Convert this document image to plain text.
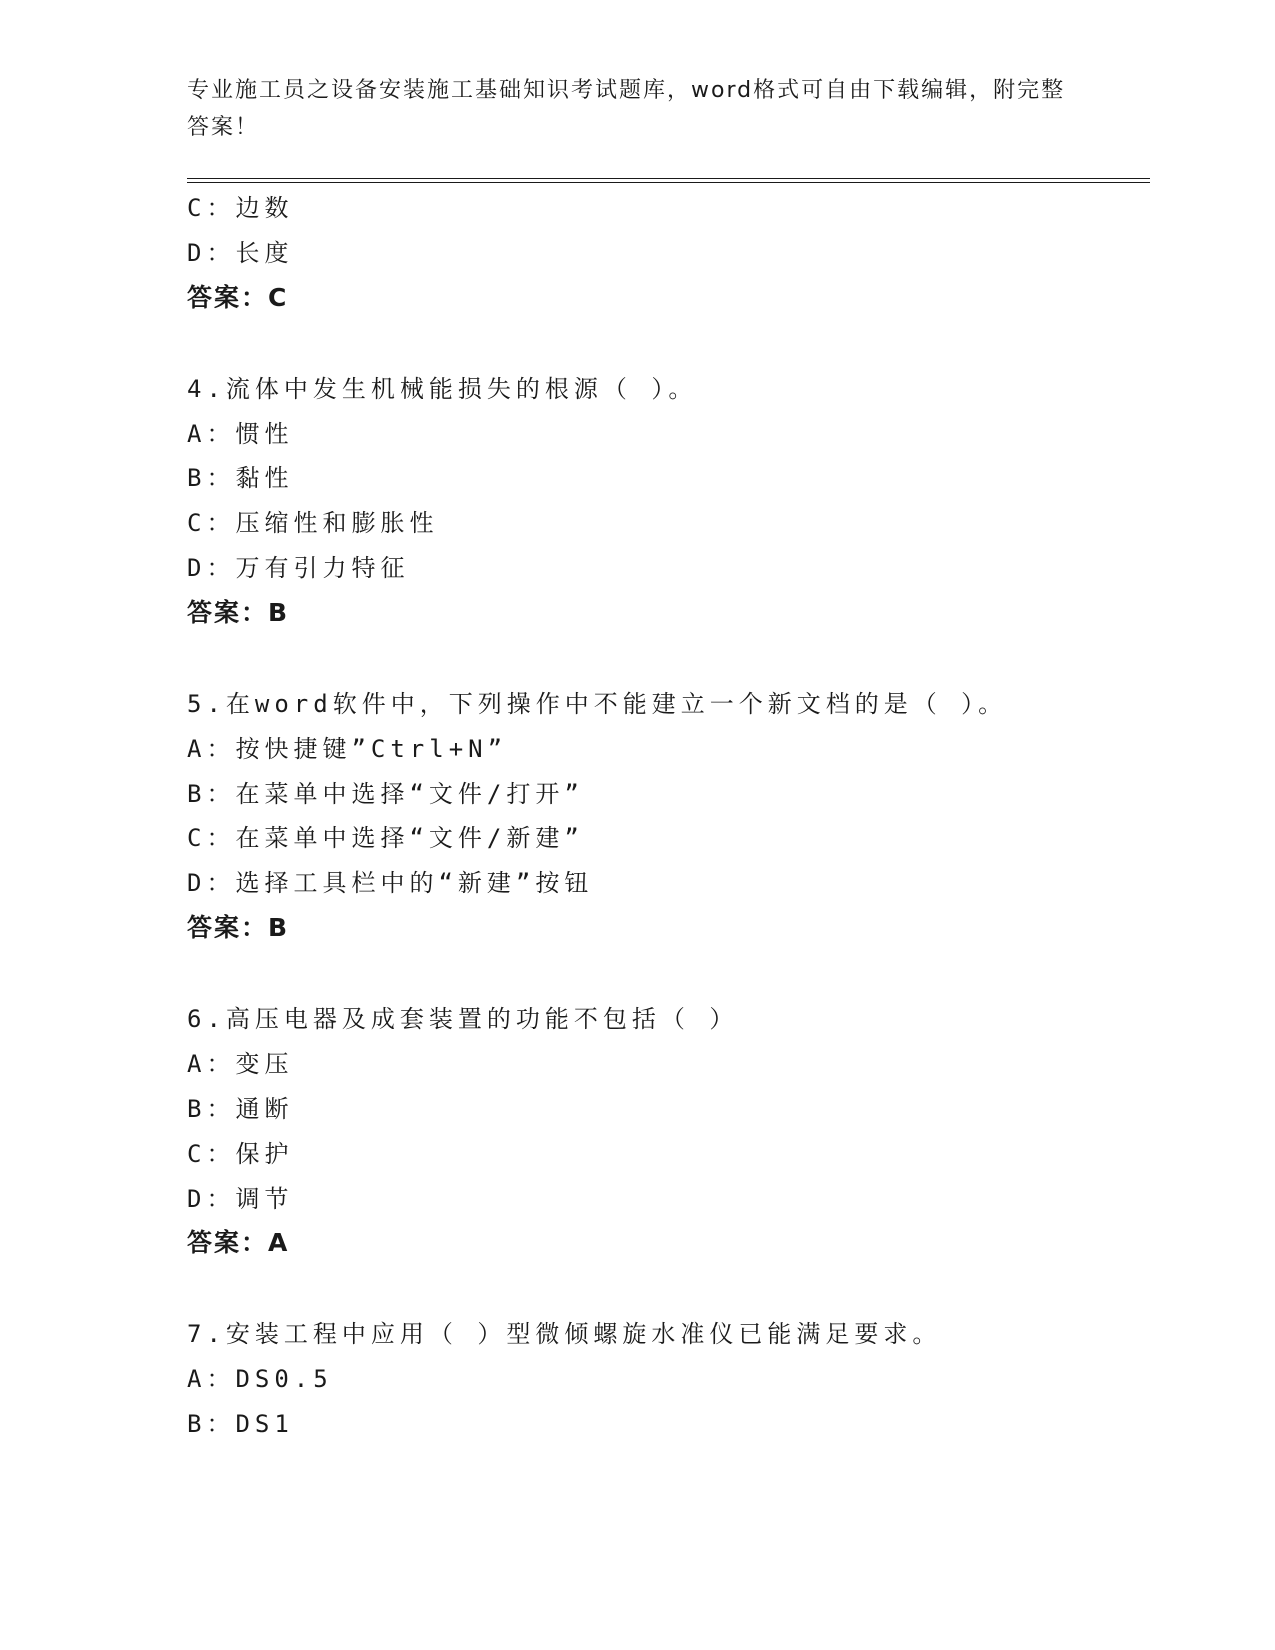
专业施工员之设备安装施工基础知识考试题库，word格式可自由下载编辑，附完整答案！
C：边数
D：长度
答案：C
4.流体中发生机械能损失的根源（ ）。
A：惯性
B：黏性
C：压缩性和膨胀性
D：万有引力特征
答案：B
5.在word软件中，下列操作中不能建立一个新文档的是（ ）。
A：按快捷键”Ctrl+N”
B：在菜单中选择“文件/打开”
C：在菜单中选择“文件/新建”
D：选择工具栏中的“新建”按钮
答案：B
6.高压电器及成套装置的功能不包括（ ）
A：变压
B：通断
C：保护
D：调节
答案：A
7.安装工程中应用（ ）型微倾螺旋水准仪已能满足要求。
A：DS0.5
B：DS1
